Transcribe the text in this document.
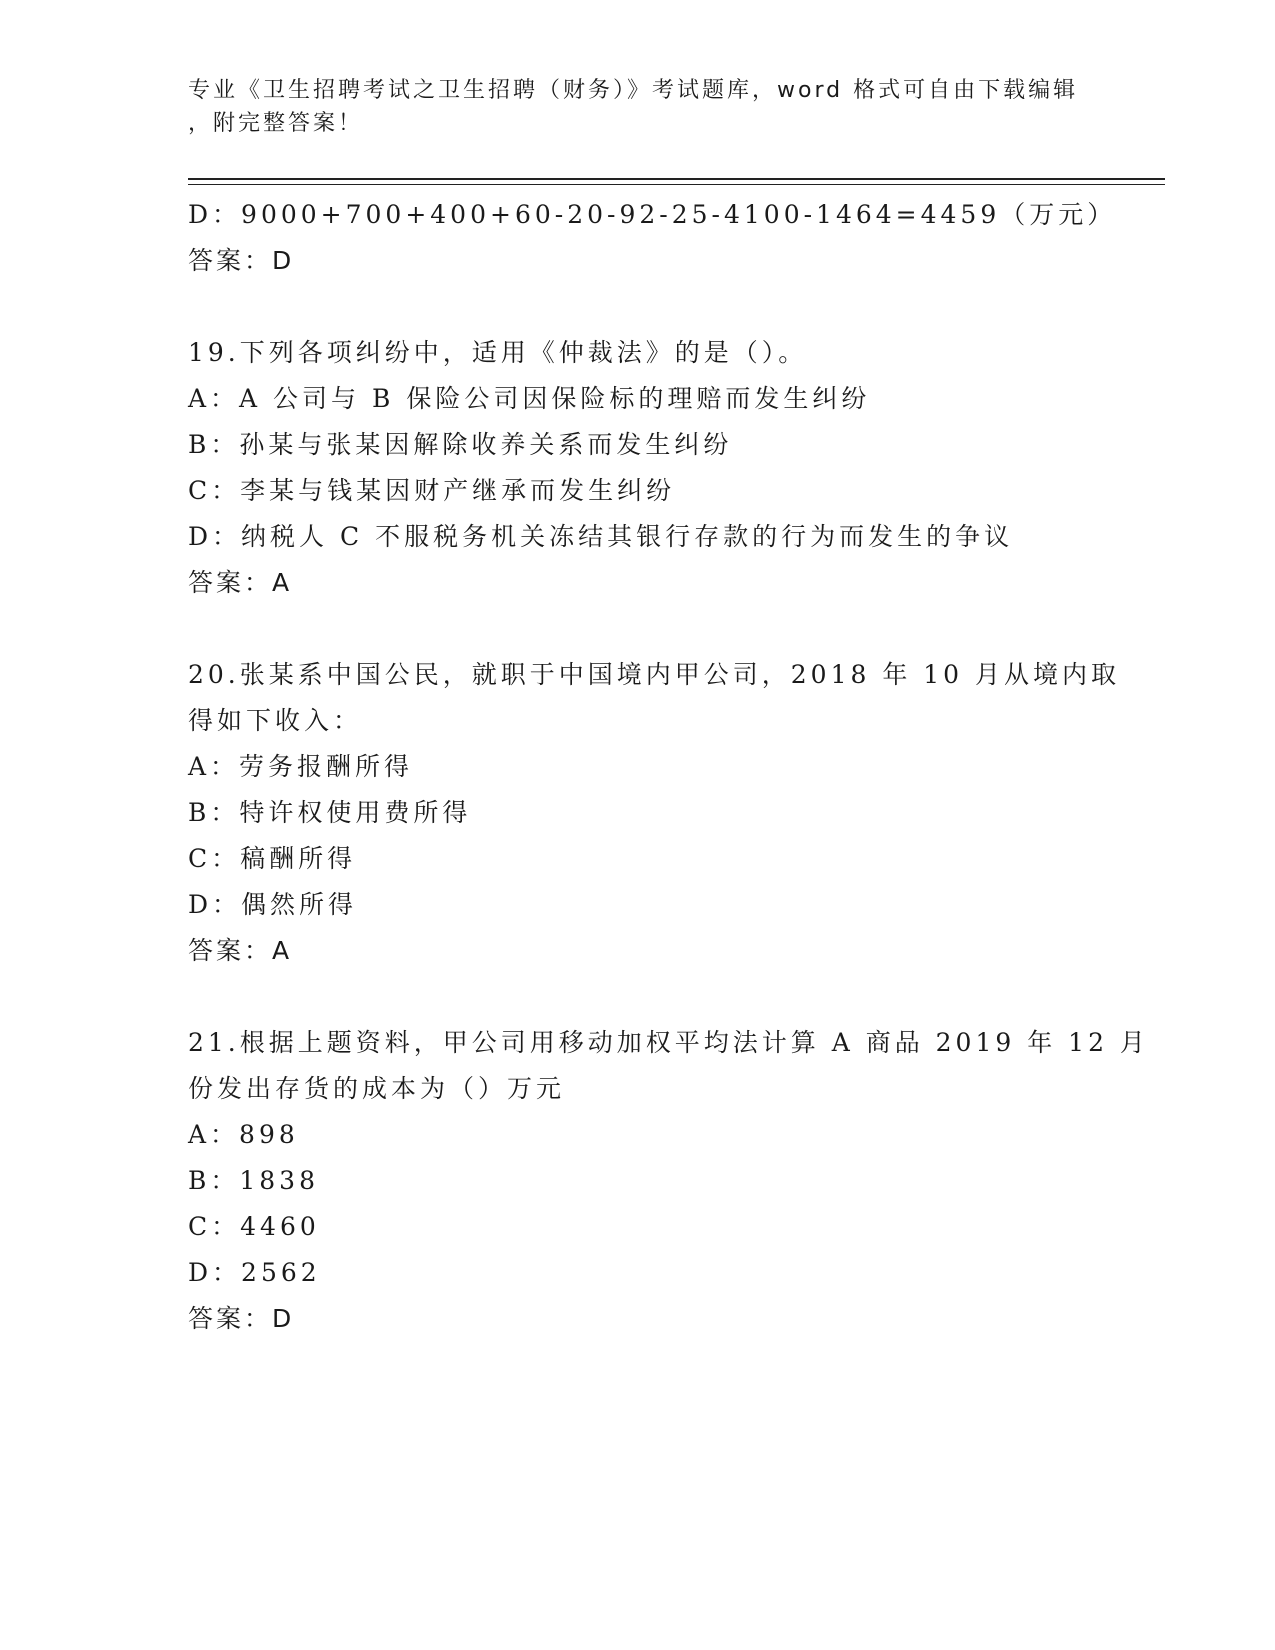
专业《卫生招聘考试之卫生招聘（财务）》考试题库，word 格式可自由下载编辑

，附完整答案！

D：9000+700+400+60-20-92-25-4100-1464=4459（万元）
答案：D
19.下列各项纠纷中，适用《仲裁法》的是（）。
A：A 公司与 B 保险公司因保险标的理赔而发生纠纷
B：孙某与张某因解除收养关系而发生纠纷
C：李某与钱某因财产继承而发生纠纷
D：纳税人 C 不服税务机关冻结其银行存款的行为而发生的争议
答案：A
20.张某系中国公民，就职于中国境内甲公司，2018 年 10 月从境内取
得如下收入：
A：劳务报酬所得
B：特许权使用费所得
C：稿酬所得
D：偶然所得
答案：A
21.根据上题资料，甲公司用移动加权平均法计算 A 商品 2019 年 12 月
份发出存货的成本为（）万元
A：898
B：1838
C：4460
D：2562
答案：D
